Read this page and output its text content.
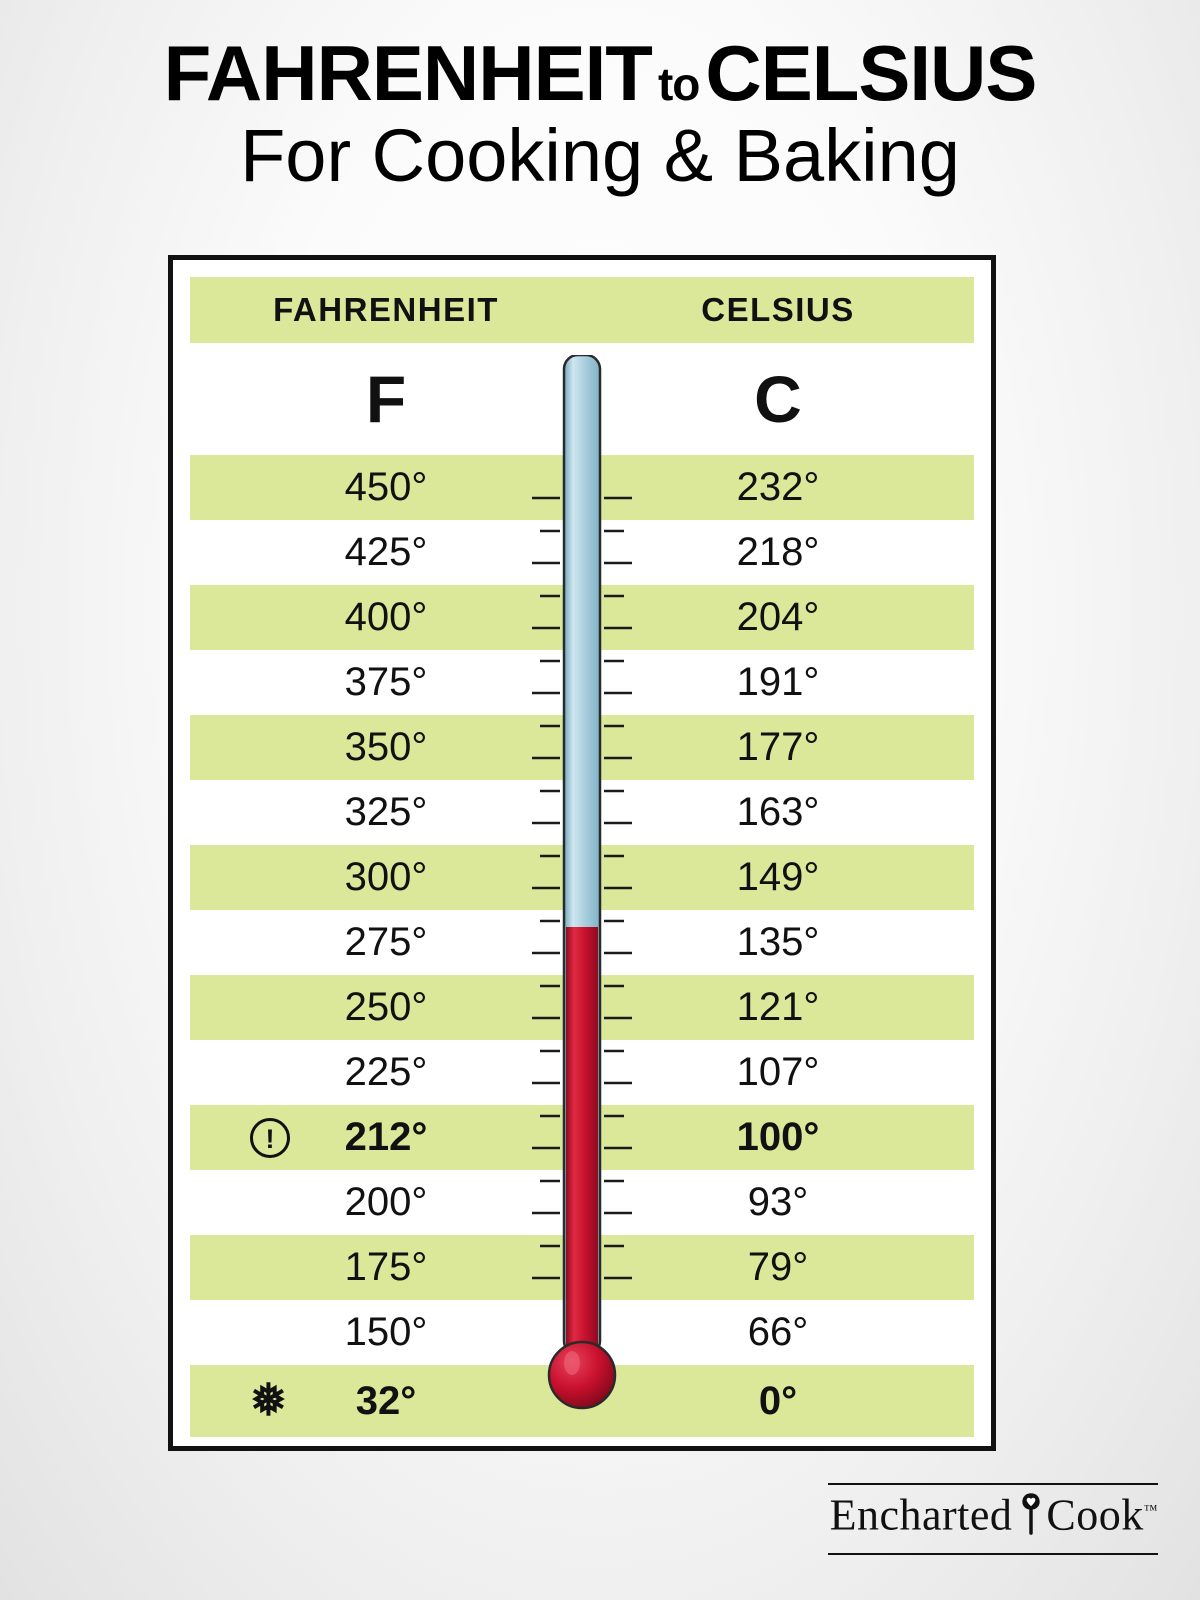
FAHRENHEIT toCELSIUS
For Cooking & Baking
FAHRENHEIT	CELSIUS
F	C
450°	232°
425°	218°
400°	204°
375°	191°
350°	177°
325°	163°
300°	149°
275°	135°
250°	121°
225°	107°
!	212°	100°
200°	93°
175°	79°
150°	66°
❅ 32°	0°
Encharted Cook™
